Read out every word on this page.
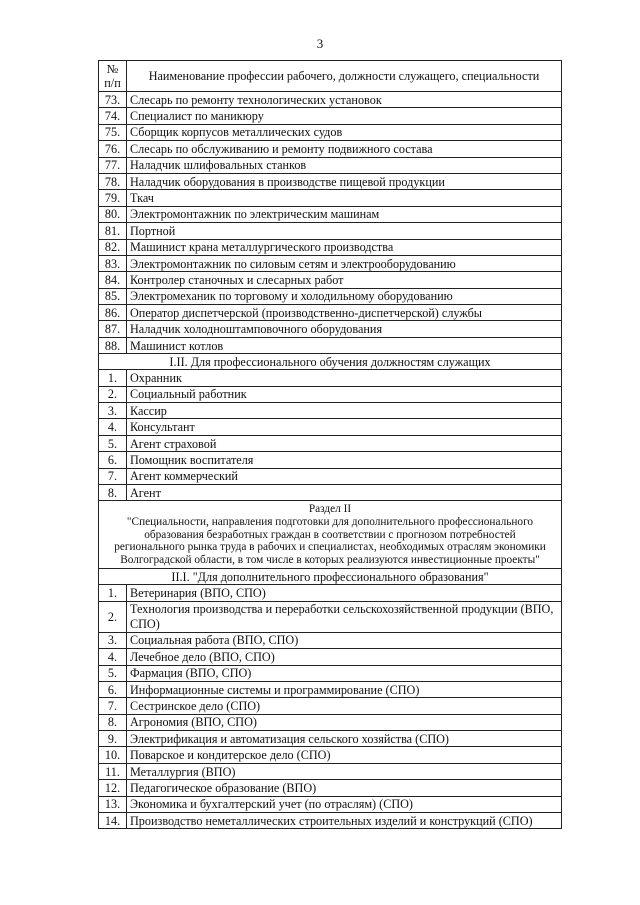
3
№
п/п	Наименование профессии рабочего, должности служащего, специальности
73.	Слесарь по ремонту технологических установок
74.	Специалист по маникюру
75.	Сборщик корпусов металлических судов
76.	Слесарь по обслуживанию и ремонту подвижного состава
77.	Наладчик шлифовальных станков
78.	Наладчик оборудования в производстве пищевой продукции
79.	Ткач
80.	Электромонтажник по электрическим машинам
81.	Портной
82.	Машинист крана металлургического производства
83.	Электромонтажник по силовым сетям и электрооборудованию
84.	Контролер станочных и слесарных работ
85.	Электромеханик по торговому и холодильному оборудованию
86.	Оператор диспетчерской (производственно-диспетчерской) службы
87.	Наладчик холодноштамповочного оборудования
88.	Машинист котлов
I.II. Для профессионального обучения должностям служащих	
1.	Охранник
2.	Социальный работник
3.	Кассир
4.	Консультант
5.	Агент страховой
6.	Помощник воспитателя
7.	Агент коммерческий
8.	Агент
Раздел II
"Специальности, направления подготовки для дополнительного профессионального
образования безработных граждан в соответствии с прогнозом потребностей
регионального рынка труда в рабочих и специалистах, необходимых отраслям экономики
Волгоградской области, в том числе в которых реализуются инвестиционные проекты"	
II.I. "Для дополнительного профессионального образования"	
1.	Ветеринария (ВПО, СПО)
2.	Технология производства и переработки сельскохозяйственной продукции (ВПО, СПО)
3.	Социальная работа (ВПО, СПО)
4.	Лечебное дело (ВПО, СПО)
5.	Фармация (ВПО, СПО)
6.	Информационные системы и программирование (СПО)
7.	Сестринское дело (СПО)
8.	Агрономия (ВПО, СПО)
9.	Электрификация и автоматизация сельского хозяйства (СПО)
10.	Поварское и кондитерское дело (СПО)
11.	Металлургия (ВПО)
12.	Педагогическое образование (ВПО)
13.	Экономика и бухгалтерский учет (по отраслям) (СПО)
14.	Производство неметаллических строительных изделий и конструкций (СПО)
